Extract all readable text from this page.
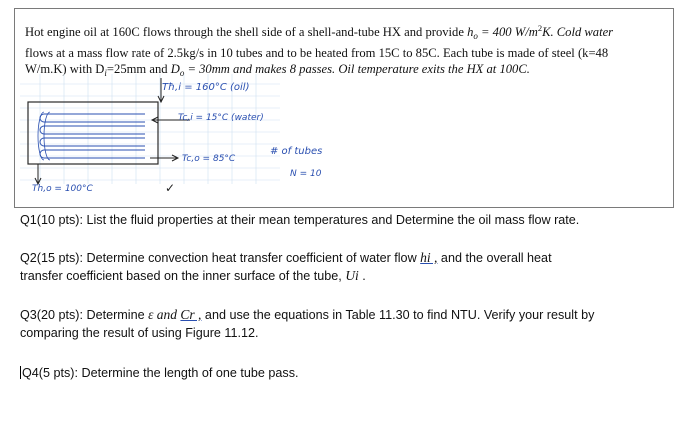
Hot engine oil at 160C flows through the shell side of a shell-and-tube HX and provide $h_o = 400$ $W/m^2K$. Cold water
flows at a mass flow rate of 2.5kg/s in 10 tubes and to be heated from 15C to 85C. Each tube is made of steel (k=48
W/m.K) with $D_i=25mm$ and $D_o = 30mm$ and makes 8 passes. Oil temperature exits the HX at 100C.
Tħ,i = 160°C (oil)
Tc,i = 15°C (water)
Tc,o = 85°C
Th,o = 100°C
# of tubes
N = 10
✓
Q1(10 pts): List the fluid properties at their mean temperatures and Determine the oil mass flow rate.
Q2(15 pts): Determine convection heat transfer coefficient of water flow hi , and the overall heat
transfer coefficient based on the inner surface of the tube, Ui .
Q3(20 pts): Determine ε and Cr , and use the equations in Table 11.30 to find NTU. Verify your result by
comparing the result of using Figure 11.12.
Q4(5 pts): Determine the length of one tube pass.
